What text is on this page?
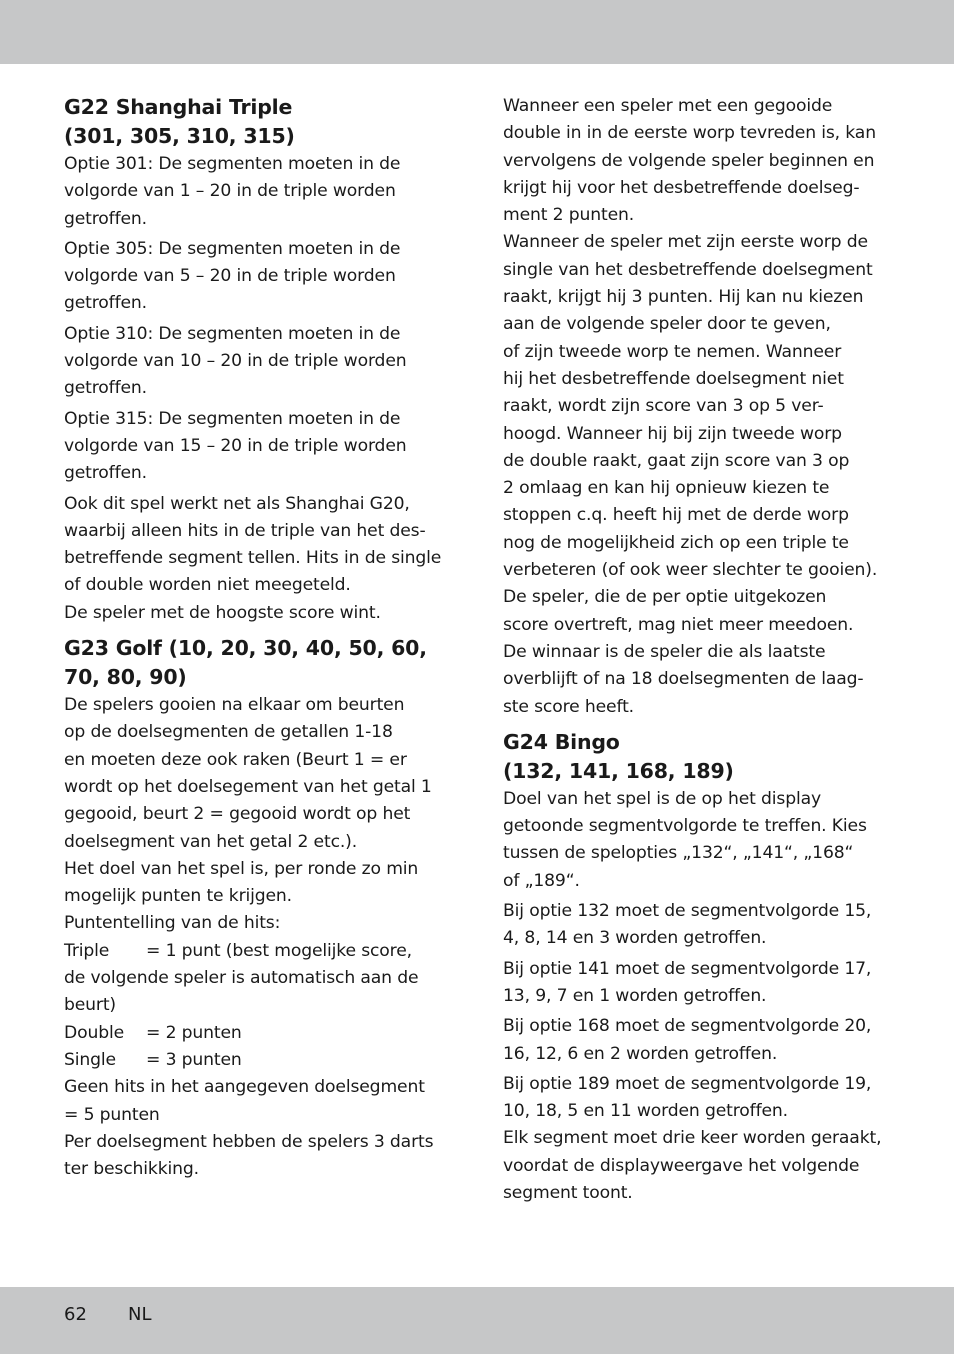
G22 Shanghai Triple
(301, 305, 310, 315)

Optie 301: De segmenten moeten in de
volgorde van 1 – 20 in de triple worden
getroffen.

Optie 305: De segmenten moeten in de
volgorde van 5 – 20 in de triple worden
getroffen.

Optie 310: De segmenten moeten in de
volgorde van 10 – 20 in de triple worden
getroffen.

Optie 315: De segmenten moeten in de
volgorde van 15 – 20 in de triple worden
getroffen.

Ook dit spel werkt net als Shanghai G20,
waarbij alleen hits in de triple van het des-
betreffende segment tellen. Hits in de single
of double worden niet meegeteld.
De speler met de hoogste score wint.

G23 Golf (10, 20, 30, 40, 50, 60,
70, 80, 90)

De spelers gooien na elkaar om beurten
op de doelsegmenten de getallen 1-18
en moeten deze ook raken (Beurt 1 = er
wordt op het doelsegement van het getal 1
gegooid, beurt 2 = gegooid wordt op het
doelsegment van het getal 2 etc.).
Het doel van het spel is, per ronde zo min
mogelijk punten te krijgen.
Puntentelling van de hits:
Triple = 1 punt (best mogelijke score,
de volgende speler is automatisch aan de
beurt)
Double = 2 punten
Single = 3 punten
Geen hits in het aangegeven doelsegment
= 5 punten
Per doelsegment hebben de spelers 3 darts
ter beschikking.

Wanneer een speler met een gegooide
double in in de eerste worp tevreden is, kan
vervolgens de volgende speler beginnen en
krijgt hij voor het desbetreffende doelseg-
ment 2 punten.
Wanneer de speler met zijn eerste worp de
single van het desbetreffende doelsegment
raakt, krijgt hij 3 punten. Hij kan nu kiezen
aan de volgende speler door te geven,
of zijn tweede worp te nemen. Wanneer
hij het desbetreffende doelsegment niet
raakt, wordt zijn score van 3 op 5 ver-
hoogd. Wanneer hij bij zijn tweede worp
de double raakt, gaat zijn score van 3 op
2 omlaag en kan hij opnieuw kiezen te
stoppen c.q. heeft hij met de derde worp
nog de mogelijkheid zich op een triple te
verbeteren (of ook weer slechter te gooien).
De speler, die de per optie uitgekozen
score overtreft, mag niet meer meedoen.
De winnaar is de speler die als laatste
overblijft of na 18 doelsegmenten de laag-
ste score heeft.

G24 Bingo
(132, 141, 168, 189)

Doel van het spel is de op het display
getoonde segmentvolgorde te treffen. Kies
tussen de spelopties „132“, „141“, „168“
of „189“.

Bij optie 132 moet de segmentvolgorde 15,
4, 8, 14 en 3 worden getroffen.

Bij optie 141 moet de segmentvolgorde 17,
13, 9, 7 en 1 worden getroffen.

Bij optie 168 moet de segmentvolgorde 20,
16, 12, 6 en 2 worden getroffen.

Bij optie 189 moet de segmentvolgorde 19,
10, 18, 5 en 11 worden getroffen.
Elk segment moet drie keer worden geraakt,
voordat de displayweergave het volgende
segment toont.

62 NL
